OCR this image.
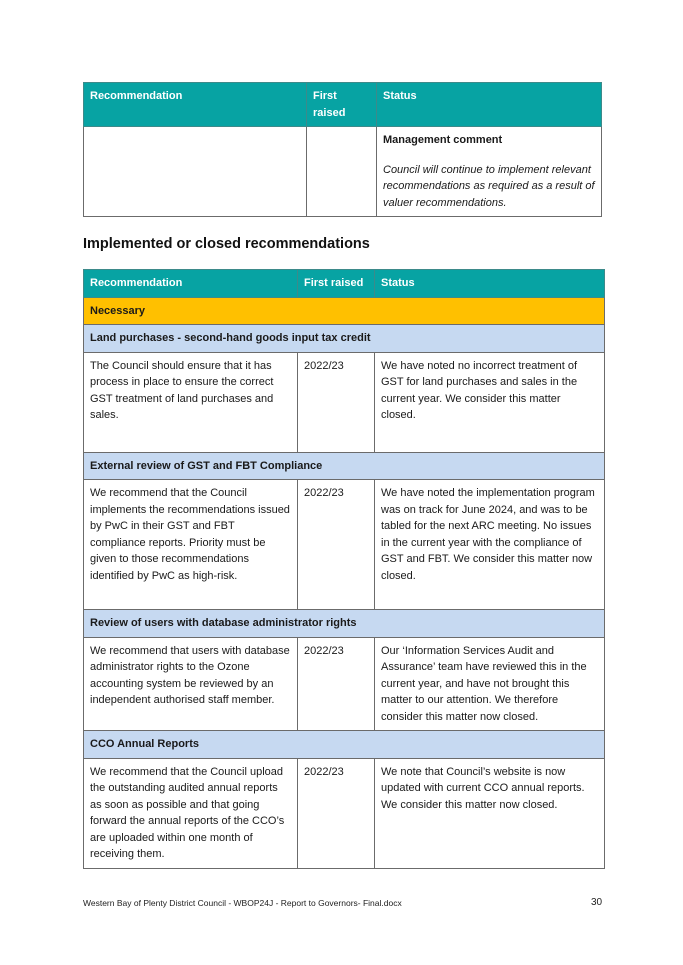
Recommendation	First raised	Status

		Management comment
Council will continue to implement relevant recommendations as required as a result of valuer recommendations.
Implemented or closed recommendations
Recommendation	First raised	Status
Necessary		
Land purchases - second-hand goods input tax credit		
The Council should ensure that it has process in place to ensure the correct GST treatment of land purchases and sales.	2022/23	We have noted no incorrect treatment of GST for land purchases and sales in the current year. We consider this matter closed.
External review of GST and FBT Compliance		
We recommend that the Council implements the recommendations issued by PwC in their GST and FBT compliance reports. Priority must be given to those recommendations identified by PwC as high-risk.	2022/23	We have noted the implementation program was on track for June 2024, and was to be tabled for the next ARC meeting. No issues in the current year with the compliance of GST and FBT. We consider this matter now closed.
Review of users with database administrator rights		
We recommend that users with database administrator rights to the Ozone accounting system be reviewed by an independent authorised staff member.	2022/23	Our ‘Information Services Audit and Assurance’ team have reviewed this in the current year, and have not brought this matter to our attention. We therefore consider this matter now closed.
CCO Annual Reports		
We recommend that the Council upload the outstanding audited annual reports as soon as possible and that going forward the annual reports of the CCO’s are uploaded within one month of receiving them.	2022/23	We note that Council’s website is now updated with current CCO annual reports. We consider this matter now closed.
Western Bay of Plenty District Council - WBOP24J - Report to Governors- Final.docx	30
